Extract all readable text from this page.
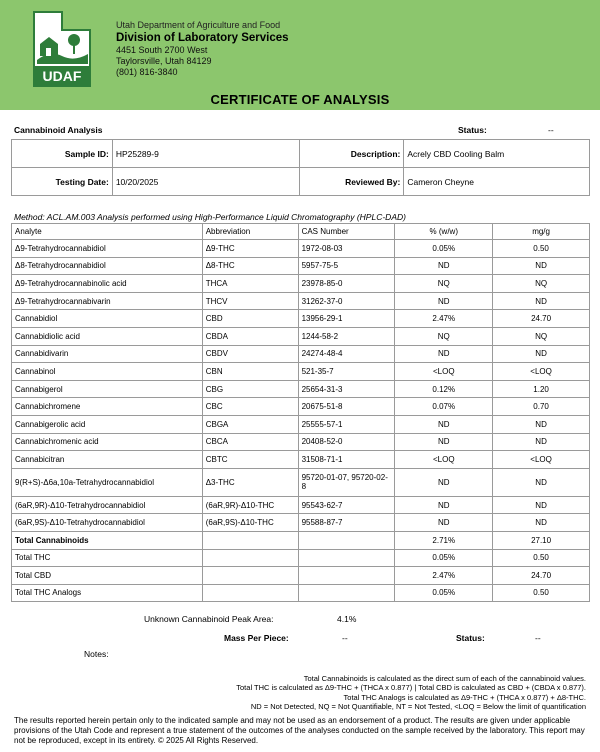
UDAF
Utah Department of Agriculture and Food
Division of Laboratory Services
4451 South 2700 West
Taylorsville, Utah 84129
(801) 816-3840
CERTIFICATE OF ANALYSIS
Cannabinoid Analysis	Status:	--
Sample ID:	HP25289-9	Description:	Acrely CBD Cooling Balm
Testing Date:	10/20/2025	Reviewed By:	Cameron Cheyne
Method: ACL.AM.003 Analysis performed using High-Performance Liquid Chromatography (HPLC-DAD)
Analyte	Abbreviation	CAS Number	% (w/w)	mg/g
Δ9-Tetrahydrocannabidiol	Δ9-THC	1972-08-03	0.05%	0.50
Δ8-Tetrahydrocannabidiol	Δ8-THC	5957-75-5	ND	ND
Δ9-Tetrahydrocannabinolic acid	THCA	23978-85-0	NQ	NQ
Δ9-Tetrahydrocannabivarin	THCV	31262-37-0	ND	ND
Cannabidiol	CBD	13956-29-1	2.47%	24.70
Cannabidiolic acid	CBDA	1244-58-2	NQ	NQ
Cannabidivarin	CBDV	24274-48-4	ND	ND
Cannabinol	CBN	521-35-7	<LOQ	<LOQ
Cannabigerol	CBG	25654-31-3	0.12%	1.20
Cannabichromene	CBC	20675-51-8	0.07%	0.70
Cannabigerolic acid	CBGA	25555-57-1	ND	ND
Cannabichromenic acid	CBCA	20408-52-0	ND	ND
Cannabicitran	CBTC	31508-71-1	<LOQ	<LOQ
9(R+S)-Δ6a,10a-Tetrahydrocannabidiol	Δ3-THC	95720-01-07, 95720-02-8	ND	ND
(6aR,9R)-Δ10-Tetrahydrocannabidiol	(6aR,9R)-Δ10-THC	95543-62-7	ND	ND
(6aR,9S)-Δ10-Tetrahydrocannabidiol	(6aR,9S)-Δ10-THC	95588-87-7	ND	ND
Total Cannabinoids			2.71%	27.10
Total THC			0.05%	0.50
Total CBD			2.47%	24.70
Total THC Analogs			0.05%	0.50
Unknown Cannabinoid Peak Area:	4.1%
Mass Per Piece:	--	Status:	--
Notes:
Total Cannabinoids is calculated as the direct sum of each of the cannabinoid values.
Total THC is calculated as Δ9-THC + (THCA x 0.877) | Total CBD is calculated as CBD + (CBDA x 0.877).
Total THC Analogs is calculated as Δ9-THC + (THCA x 0.877) + Δ8-THC.
ND = Not Detected, NQ = Not Quantifiable, NT = Not Tested, <LOQ = Below the limit of quantification
The results reported herein pertain only to the indicated sample and may not be used as an endorsement of a product. The results are given under applicable provisions of the Utah Code and represent a true statement of the outcomes of the analyses conducted on the sample received by the laboratory. This report may not be reproduced, except in its entirety. © 2025 All Rights Reserved.
